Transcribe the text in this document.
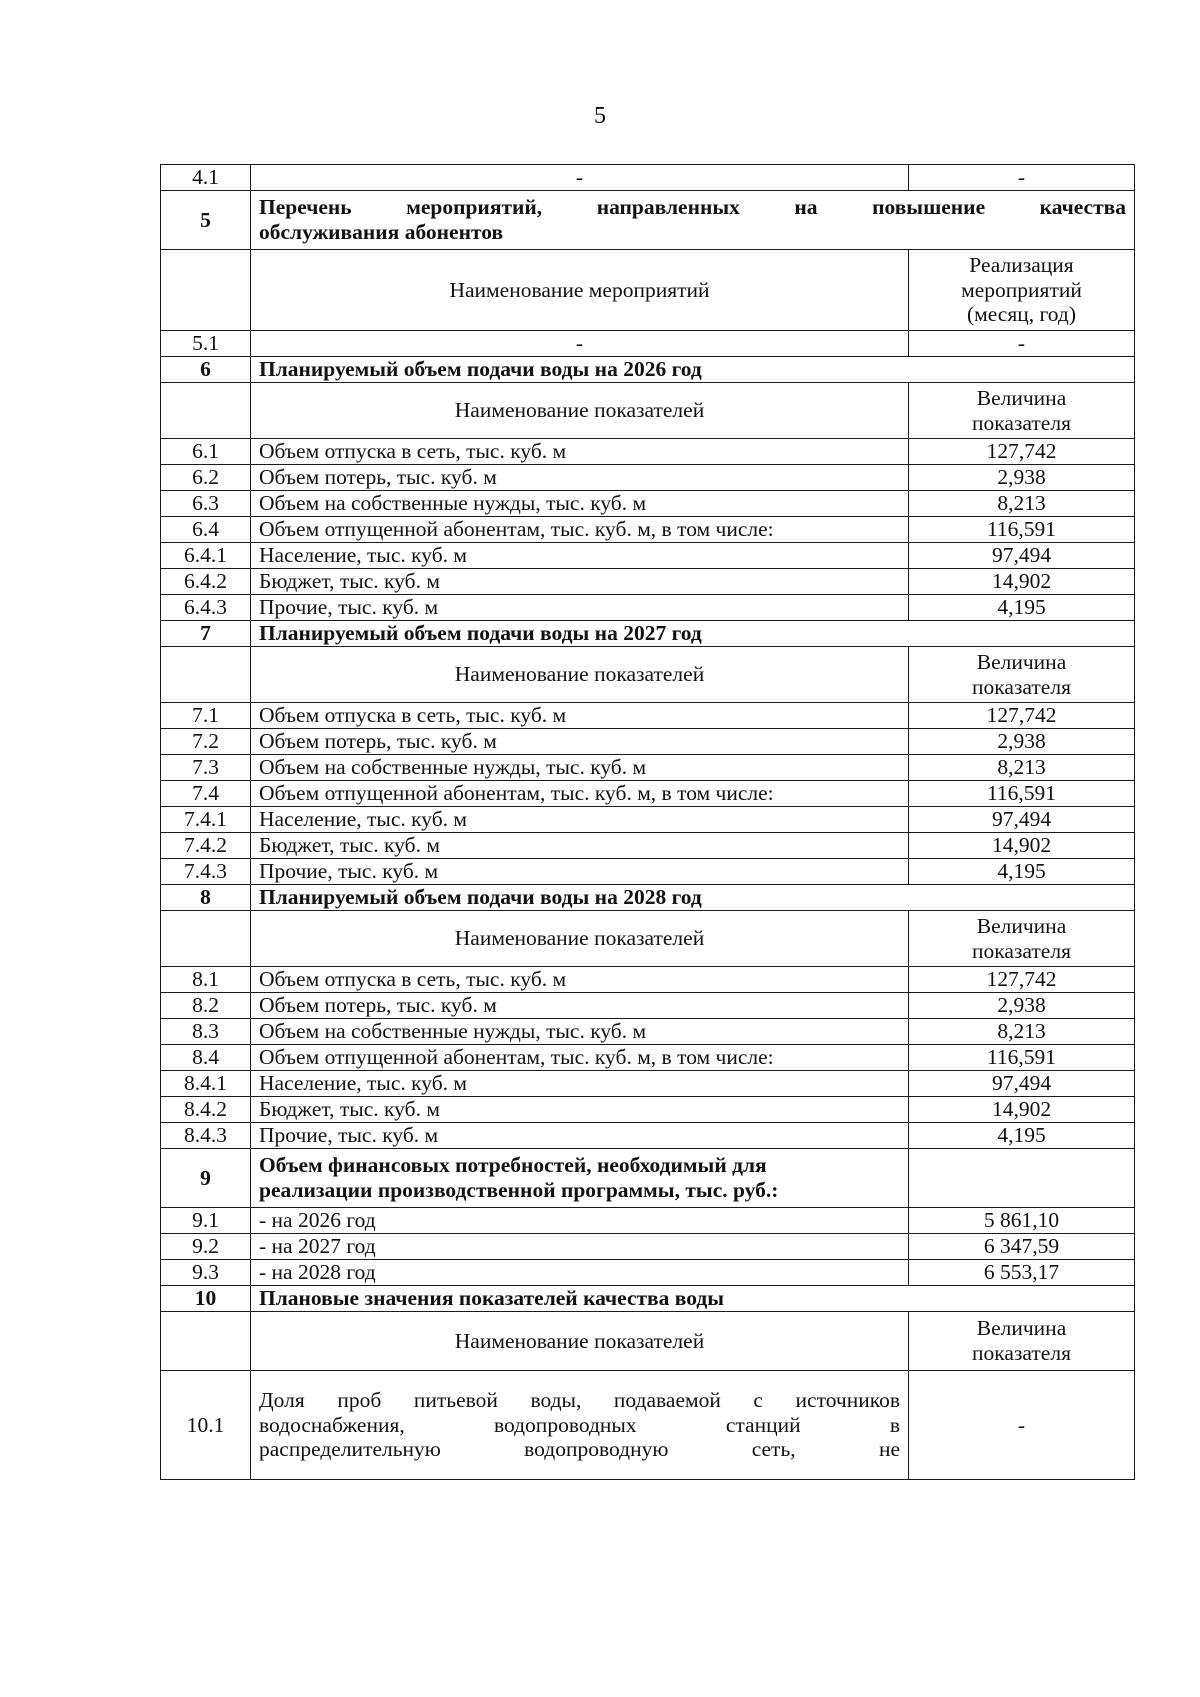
5
4.1	-	-
5	Перечень мероприятий, направленных на повышение качества
обслуживания абонентов	

	Наименование мероприятий	Реализация
мероприятий
(месяц, год)
5.1	-	-
6	Планируемый объем подачи воды на 2026 год	
	Наименование показателей	Величина
показателя
6.1	Объем отпуска в сеть, тыс. куб. м	127,742
6.2	Объем потерь, тыс. куб. м	2,938
6.3	Объем на собственные нужды, тыс. куб. м	8,213
6.4	Объем отпущенной абонентам, тыс. куб. м, в том числе:	116,591
6.4.1	Население, тыс. куб. м	97,494
6.4.2	Бюджет, тыс. куб. м	14,902
6.4.3	Прочие, тыс. куб. м	4,195
7	Планируемый объем подачи воды на 2027 год	
	Наименование показателей	Величина
показателя
7.1	Объем отпуска в сеть, тыс. куб. м	127,742
7.2	Объем потерь, тыс. куб. м	2,938
7.3	Объем на собственные нужды, тыс. куб. м	8,213
7.4	Объем отпущенной абонентам, тыс. куб. м, в том числе:	116,591
7.4.1	Население, тыс. куб. м	97,494
7.4.2	Бюджет, тыс. куб. м	14,902
7.4.3	Прочие, тыс. куб. м	4,195
8	Планируемый объем подачи воды на 2028 год	
	Наименование показателей	Величина
показателя
8.1	Объем отпуска в сеть, тыс. куб. м	127,742
8.2	Объем потерь, тыс. куб. м	2,938
8.3	Объем на собственные нужды, тыс. куб. м	8,213
8.4	Объем отпущенной абонентам, тыс. куб. м, в том числе:	116,591
8.4.1	Население, тыс. куб. м	97,494
8.4.2	Бюджет, тыс. куб. м	14,902
8.4.3	Прочие, тыс. куб. м	4,195
9	Объем финансовых потребностей, необходимый для
реализации производственной программы, тыс. руб.:	
9.1	- на 2026 год	5 861,10
9.2	- на 2027 год	6 347,59
9.3	- на 2028 год	6 553,17
10	Плановые значения показателей качества воды	
	Наименование показателей	Величина
показателя
10.1	Доля проб питьевой воды, подаваемой с источников
водоснабжения, водопроводных станций в
распределительную водопроводную сеть, не	-
